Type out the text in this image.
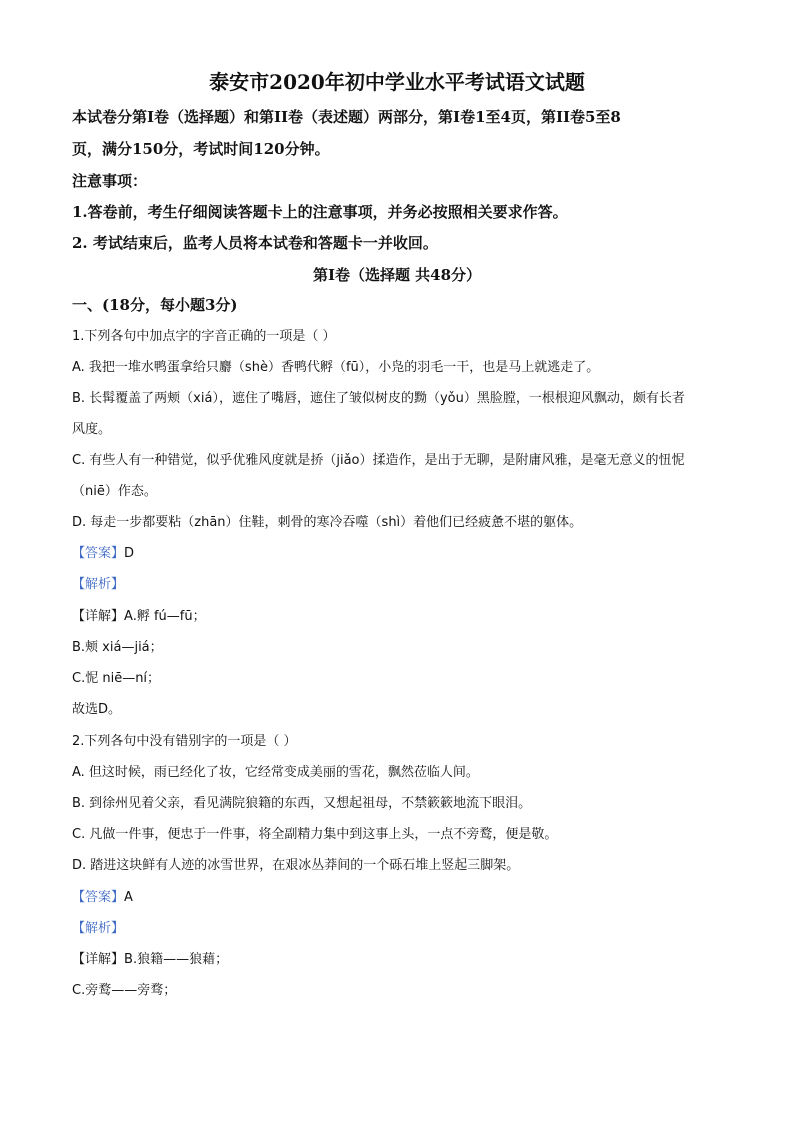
泰安市2020年初中学业水平考试语文试题
本试卷分第I卷（选择题）和第II卷（表述题）两部分，第I卷1至4页，第II卷5至8
页，满分150分，考试时间120分钟。
注意事项：
1.答卷前，考生仔细阅读答题卡上的注意事项，并务必按照相关要求作答。
2. 考试结束后，监考人员将本试卷和答题卡一并收回。
第I卷（选择题 共48分）
一、(18分，每小题3分)
1.下列各句中加点字的字音正确的一项是（ ）
A. 我把一堆水鸭蛋拿给只麝（shè）香鸭代孵（fū），小凫的羽毛一干，也是马上就逃走了。
B. 长髯覆盖了两颊（xiá），遮住了嘴唇，遮住了皱似树皮的黝（yǒu）黑脸膛，一根根迎风飘动，颇有长者
风度。
C. 有些人有一种错觉，似乎优雅风度就是挢（jiǎo）揉造作，是出于无聊，是附庸风雅，是毫无意义的忸怩
（niē）作态。
D. 每走一步都要粘（zhān）住鞋，刺骨的寒冷吞噬（shì）着他们已经疲惫不堪的躯体。
【答案】D
【解析】
【详解】A.孵 fú—fū；
B.颊 xiá—jiá；
C.怩 niē—ní；
故选D。
2.下列各句中没有错别字的一项是（ ）
A. 但这时候，雨已经化了妆，它经常变成美丽的雪花，飘然莅临人间。
B. 到徐州见着父亲，看见满院狼籍的东西，又想起祖母，不禁簌簌地流下眼泪。
C. 凡做一件事，便忠于一件事，将全副精力集中到这事上头，一点不旁鹜，便是敬。
D. 踏进这块鲜有人迹的冰雪世界，在艰冰丛莽间的一个砾石堆上竖起三脚架。
【答案】A
【解析】
【详解】B.狼籍——狼藉；
C.旁鹜——旁骛；
